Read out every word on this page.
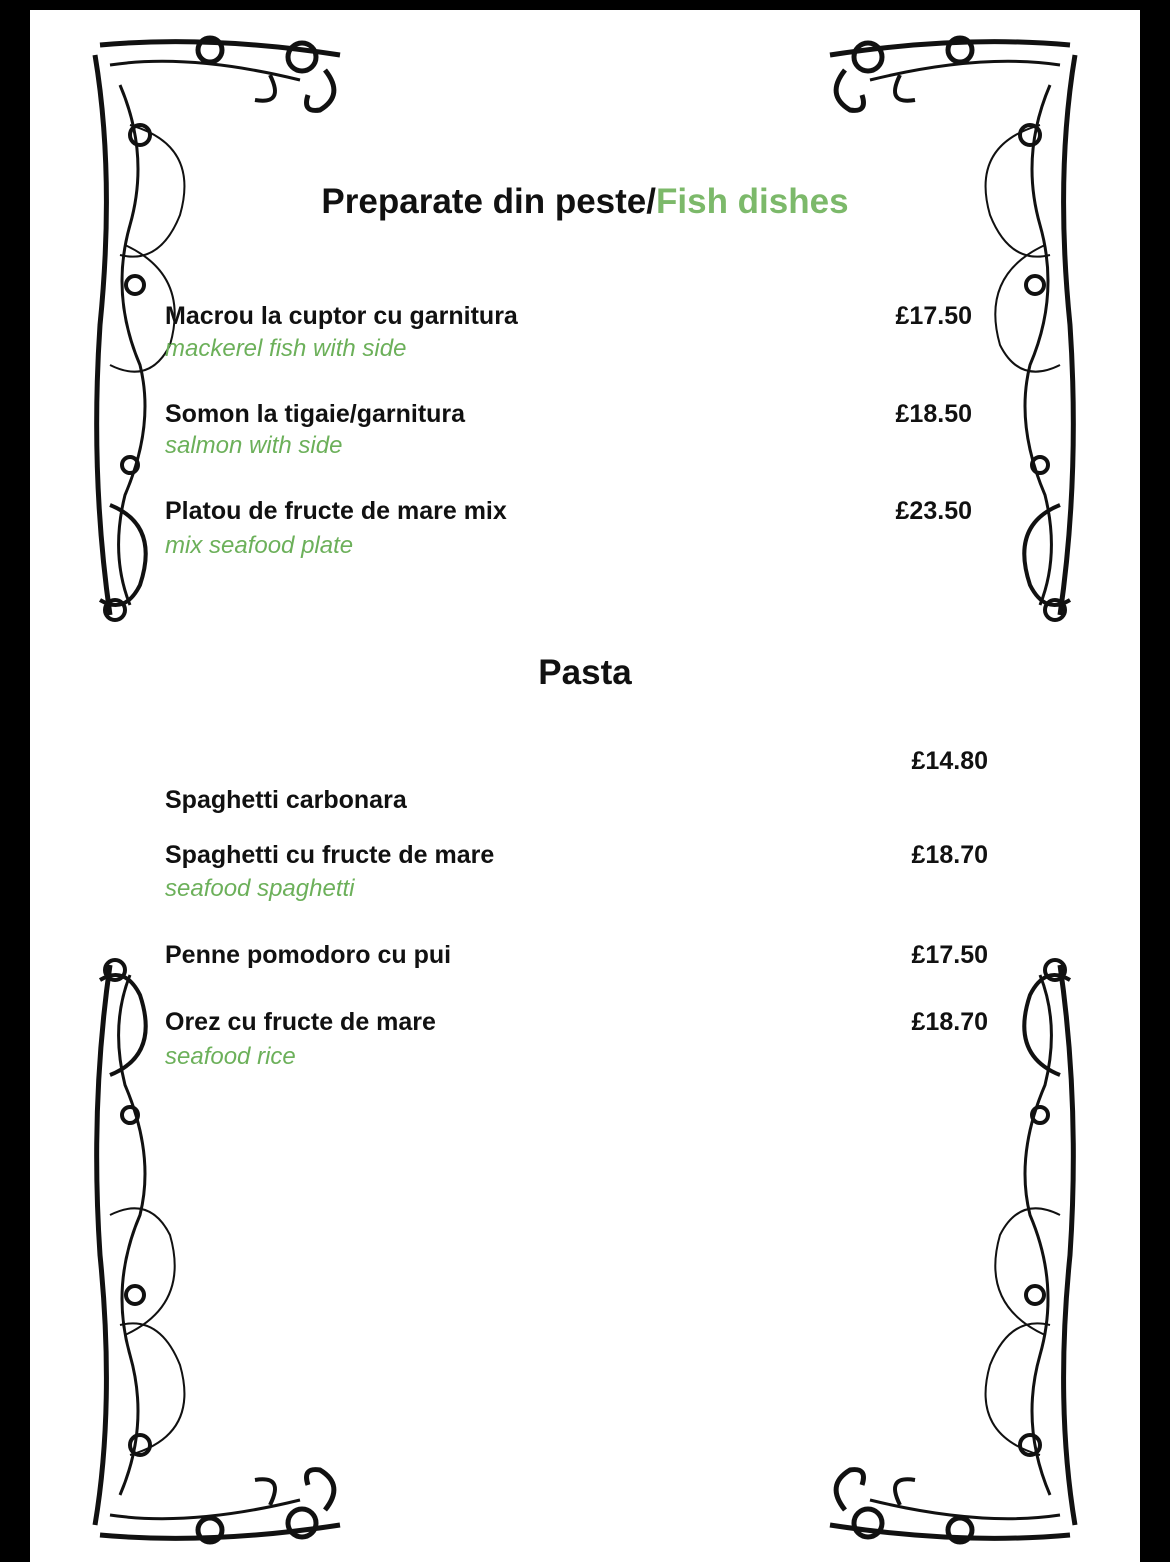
Preparate din peste/Fish dishes
Macrou la cuptor cu garnitura
mackerel fish with side
£17.50
Somon la tigaie/garnitura
salmon with side
£18.50
Platou de fructe de mare mix
mix seafood plate
£23.50
Pasta
£14.80
Spaghetti carbonara
Spaghetti cu fructe de mare
seafood spaghetti
£18.70
Penne pomodoro cu pui	£17.50
Orez cu fructe de mare
seafood rice
£18.70
